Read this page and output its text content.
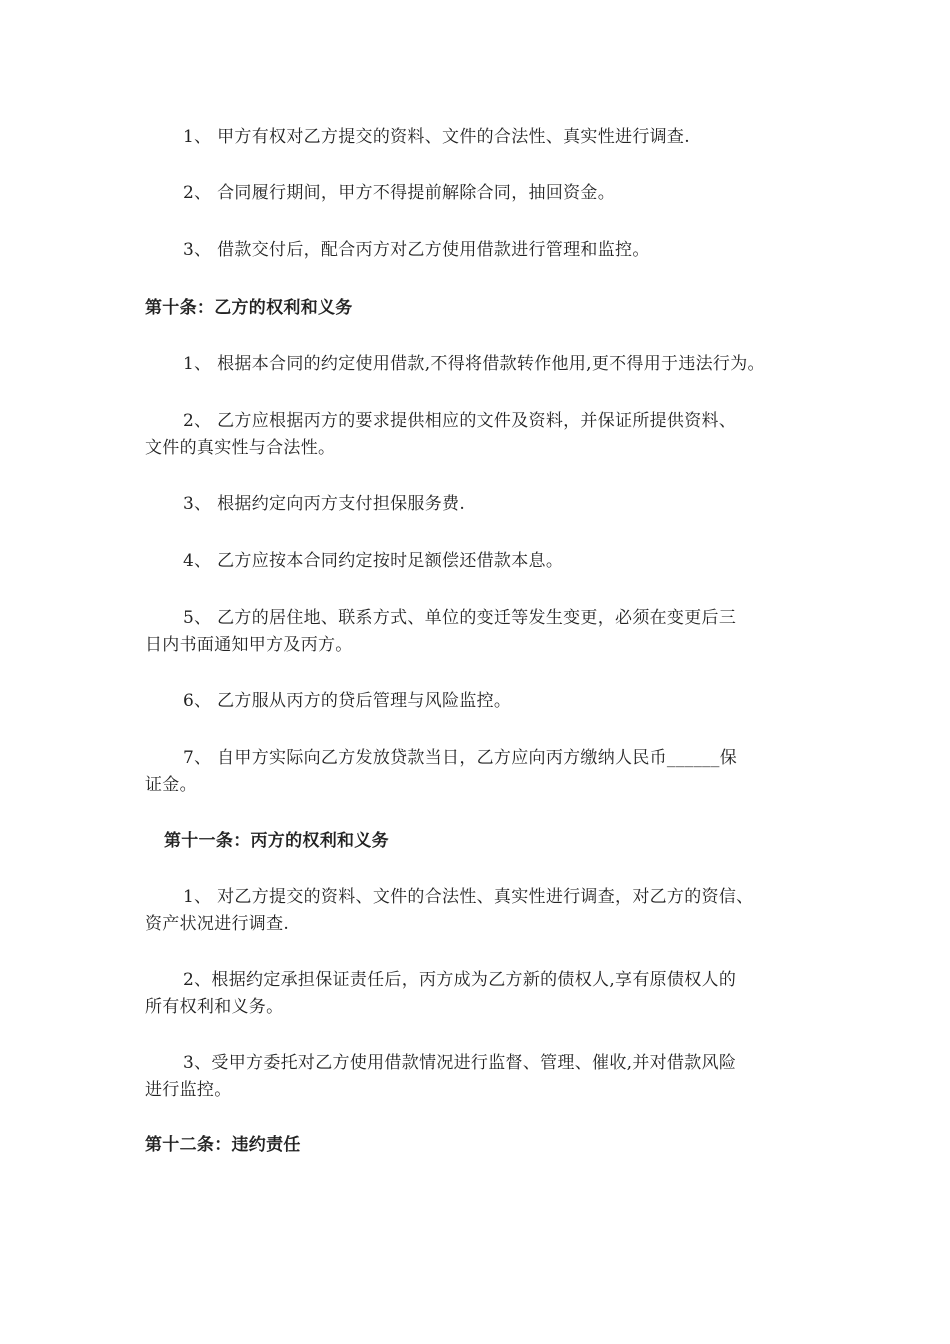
1、 甲方有权对乙方提交的资料、文件的合法性、真实性进行调查.
2、 合同履行期间，甲方不得提前解除合同，抽回资金。
3、 借款交付后，配合丙方对乙方使用借款进行管理和监控。
第十条：乙方的权利和义务
1、 根据本合同的约定使用借款,不得将借款转作他用,更不得用于违法行为。
2、 乙方应根据丙方的要求提供相应的文件及资料，并保证所提供资料、
文件的真实性与合法性。
3、 根据约定向丙方支付担保服务费.
4、 乙方应按本合同约定按时足额偿还借款本息。
5、 乙方的居住地、联系方式、单位的变迁等发生变更，必须在变更后三
日内书面通知甲方及丙方。
6、 乙方服从丙方的贷后管理与风险监控。
7、 自甲方实际向乙方发放贷款当日，乙方应向丙方缴纳人民币______保
证金。
第十一条：丙方的权利和义务
1、 对乙方提交的资料、文件的合法性、真实性进行调查，对乙方的资信、
资产状况进行调查.
2、根据约定承担保证责任后，丙方成为乙方新的债权人,享有原债权人的
所有权利和义务。
3、受甲方委托对乙方使用借款情况进行监督、管理、催收,并对借款风险
进行监控。
第十二条：违约责任
